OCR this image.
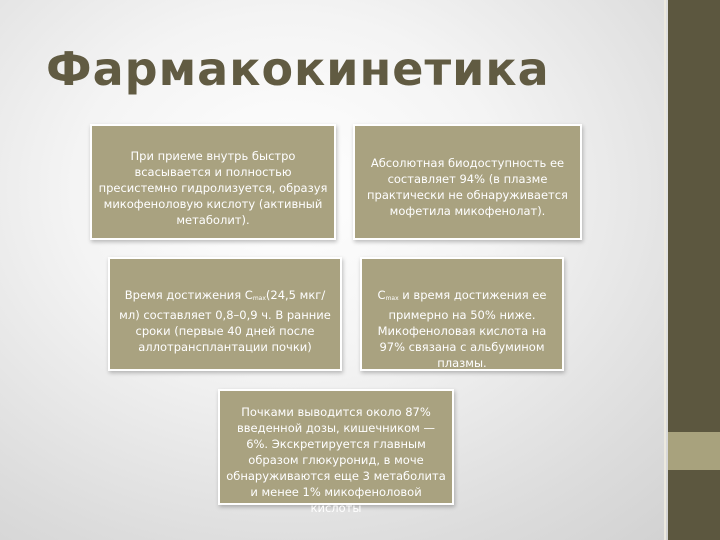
Фармакокинетика

При приеме внутрь быстро всасывается и полностью пресистемно гидролизуется, образуя микофеноловую кислоту (активный метаболит).

Абсолютная биодоступность ее составляет 94% (в плазме практически не обнаруживается мофетила микофенолат).

Время достижения $C_{max}(24,5$ мкг/мл) составляет 0,8–0,9 ч. В ранние сроки (первые 40 дней после аллотрансплантации почки)

$C_{max}$ и время достижения ее примерно на 50% ниже. Микофеноловая кислота на 97% связана с альбумином плазмы.

Почками выводится около 87% введенной дозы, кишечником — 6%. Экскретируется главным образом глюкуронид, в моче обнаруживаются еще 3 метаболита и менее 1% микофеноловой кислоты
